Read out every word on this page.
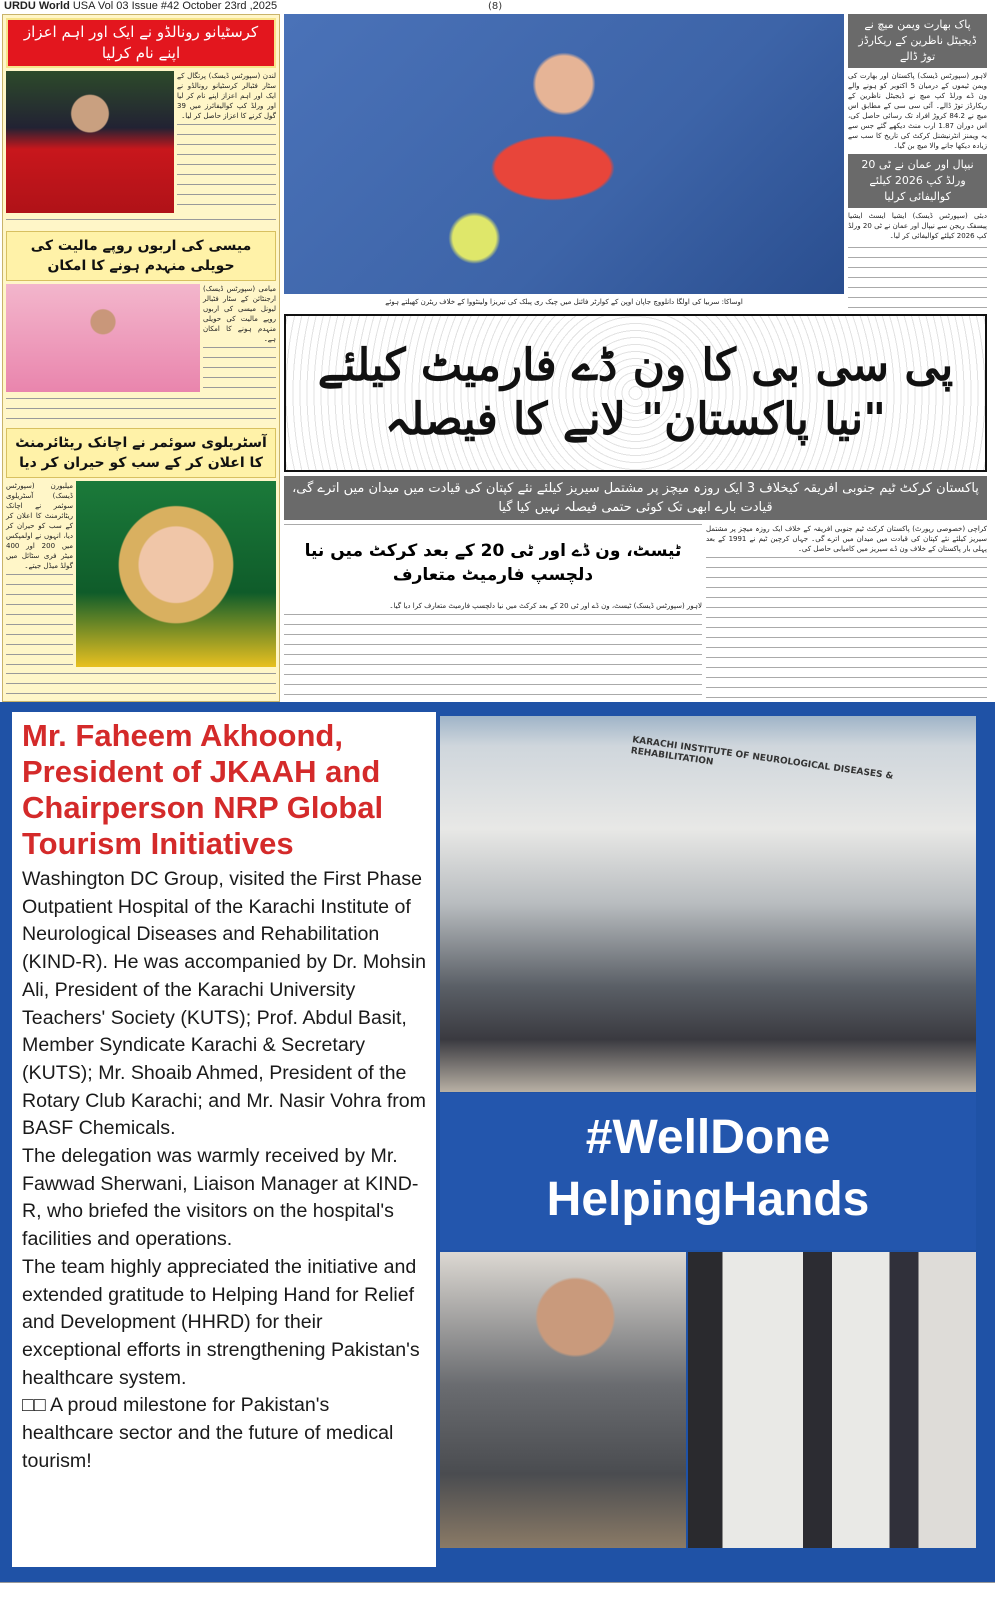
URDU World USA Vol 03 Issue #42 October 23rd ,2025	(8)
کرسٹیانو رونالڈو نے ایک اور اہم اعزاز اپنے نام کرلیا
لندن (سپورٹس ڈیسک) پرتگال کے سٹار فٹبالر کرسٹیانو رونالڈو نے ایک اور اہم اعزاز اپنے نام کر لیا اور ورلڈ کپ کوالیفائرز میں 39 گول کرنے کا اعزاز حاصل کر لیا۔
میسی کی اربوں روپے مالیت کی حویلی منہدم ہونے کا امکان
میامی (سپورٹس ڈیسک) ارجنٹائن کے سٹار فٹبالر لیونل میسی کی اربوں روپے مالیت کی حویلی منہدم ہونے کا امکان ہے۔
آسٹریلوی سوئمر نے اچانک ریٹائرمنٹ کا اعلان کر کے سب کو حیران کر دیا
میلبورن (سپورٹس ڈیسک) آسٹریلوی سوئمر نے اچانک ریٹائرمنٹ کا اعلان کر کے سب کو حیران کر دیا، انہوں نے اولمپکس میں 200 اور 400 میٹر فری سٹائل میں گولڈ میڈل جیتے۔
اوساکا: سربیا کی اولگا دانلووچ جاپان اوپن کے کوارٹر فائنل میں چیک ری پبلک کی تیریزا ولینٹووا کے خلاف ریٹرن کھیلتے ہوئے
پاک بھارت ویمن میچ نے ڈیجیٹل ناظرین کے ریکارڈز توڑ ڈالے
لاہور (سپورٹس ڈیسک) پاکستان اور بھارت کی ویمن ٹیموں کے درمیان 5 اکتوبر کو ہونے والے ون ڈے ورلڈ کپ میچ نے ڈیجیٹل ناظرین کے ریکارڈز توڑ ڈالے۔ آئی سی سی کے مطابق اس میچ نے 84.2 کروڑ افراد تک رسائی حاصل کی، اس دوران 1.87 ارب منٹ دیکھے گئے جس سے یہ ویمنز انٹرنیشنل کرکٹ کی تاریخ کا سب سے زیادہ دیکھا جانے والا میچ بن گیا۔
نیپال اور عمان نے ٹی 20 ورلڈ کپ 2026 کیلئے کوالیفائی کرلیا
دبئی (سپورٹس ڈیسک) ایشیا ایسٹ ایشیا پیسفک ریجن سے نیپال اور عمان نے ٹی 20 ورلڈ کپ 2026 کیلئے کوالیفائی کر لیا۔
پی سی بی کا ون ڈے فارمیٹ کیلئے "نیا پاکستان" لانے کا فیصلہ
پاکستان کرکٹ ٹیم جنوبی افریقہ کیخلاف 3 ایک روزہ میچز پر مشتمل سیریز کیلئے نئے کپتان کی قیادت میں میدان میں اترے گی، قیادت بارے ابھی تک کوئی حتمی فیصلہ نہیں کیا گیا
ٹیسٹ، ون ڈے اور ٹی 20 کے بعد کرکٹ میں نیا دلچسپ فارمیٹ متعارف
لاہور (سپورٹس ڈیسک) ٹیسٹ، ون ڈے اور ٹی 20 کے بعد کرکٹ میں نیا دلچسپ فارمیٹ متعارف کرا دیا گیا۔
کراچی (خصوصی رپورٹ) پاکستان کرکٹ ٹیم جنوبی افریقہ کے خلاف ایک روزہ میچز پر مشتمل سیریز کیلئے نئے کپتان کی قیادت میں میدان میں اترے گی۔ جہاں کرچین ٹیم نے 1991 کے بعد پہلی بار پاکستان کے خلاف ون ڈے سیریز میں کامیابی حاصل کی۔
Mr. Faheem Akhoond, President of JKAAH and Chairperson NRP Global Tourism Initiatives
Washington DC Group, visited the First Phase Outpatient Hospital of the Karachi Institute of Neurological Diseases and Rehabilitation (KIND-R). He was accompanied by Dr. Mohsin Ali, President of the Karachi University Teachers' Society (KUTS); Prof. Abdul Basit, Member Syndicate Karachi & Secretary (KUTS); Mr. Shoaib Ahmed, President of the Rotary Club Karachi; and Mr. Nasir Vohra from BASF Chemicals.
The delegation was warmly received by Mr. Fawwad Sherwani, Liaison Manager at KIND-R, who briefed the visitors on the hospital's facilities and operations.
The team highly appreciated the initiative and extended gratitude to Helping Hand for Relief and Development (HHRD) for their exceptional efforts in strengthening Pakistan's healthcare system.
□□ A proud milestone for Pakistan's healthcare sector and the future of medical tourism!
KARACHI INSTITUTE OF NEUROLOGICAL DISEASES & REHABILITATION
#WellDone
HelpingHands
